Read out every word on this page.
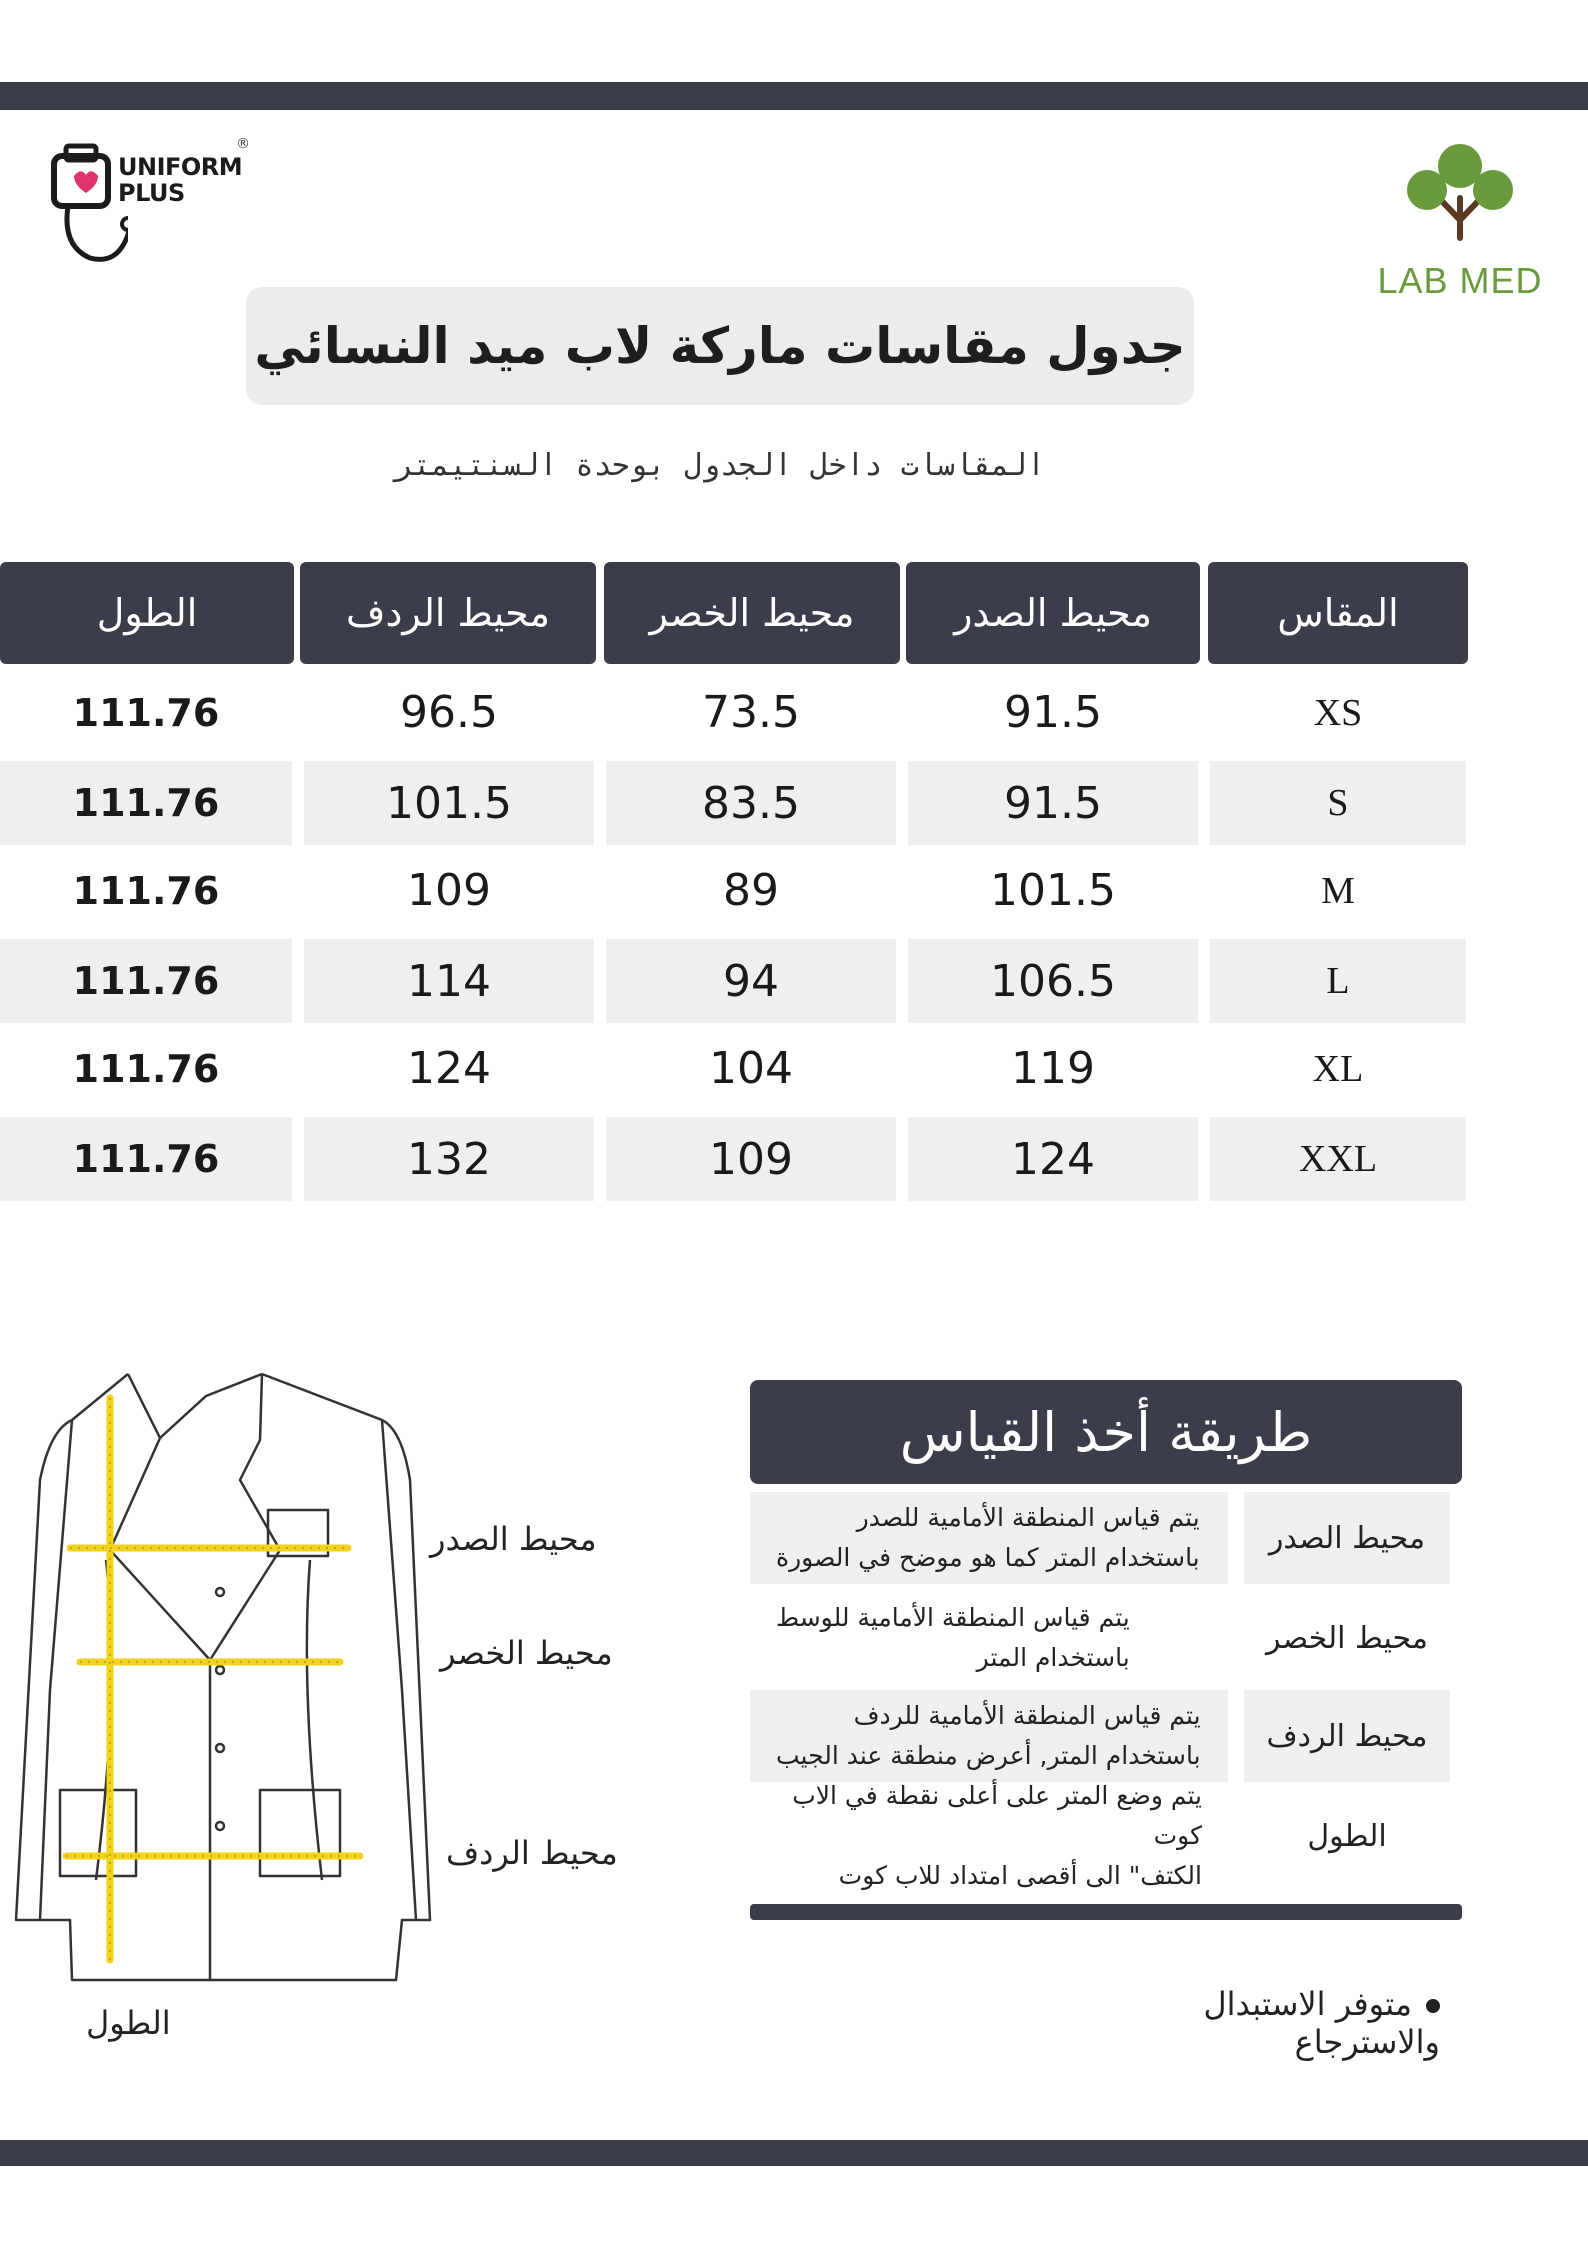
UNIFORM
PLUS
®
LAB MED
جدول مقاسات ماركة لاب ميد النسائي
المقاسات داخل الجدول بوحدة السنتيمتر
المقاس
محيط الصدر
محيط الخصر
محيط الردف
الطول
XS
91.5
73.5
96.5
111.76
S
91.5
83.5
101.5
111.76
M
101.5
89
109
111.76
L
106.5
94
114
111.76
XL
119
104
124
111.76
XXL
124
109
132
111.76
محيط الصدر
محيط الخصر
محيط الردف
الطول
طريقة أخذ القياس
يتم قياس المنطقة الأمامية للصدر
باستخدام المتر كما هو موضح في الصورة
محيط الصدر
يتم قياس المنطقة الأمامية للوسط
باستخدام المتر
محيط الخصر
يتم قياس المنطقة الأمامية للردف
باستخدام المتر, أعرض منطقة عند الجيب
محيط الردف
يتم وضع المتر على أعلى نقطة في الاب كوت
الكتف" الى أقصى امتداد للاب كوت
الطول
متوفر الاستبدال والاسترجاع
